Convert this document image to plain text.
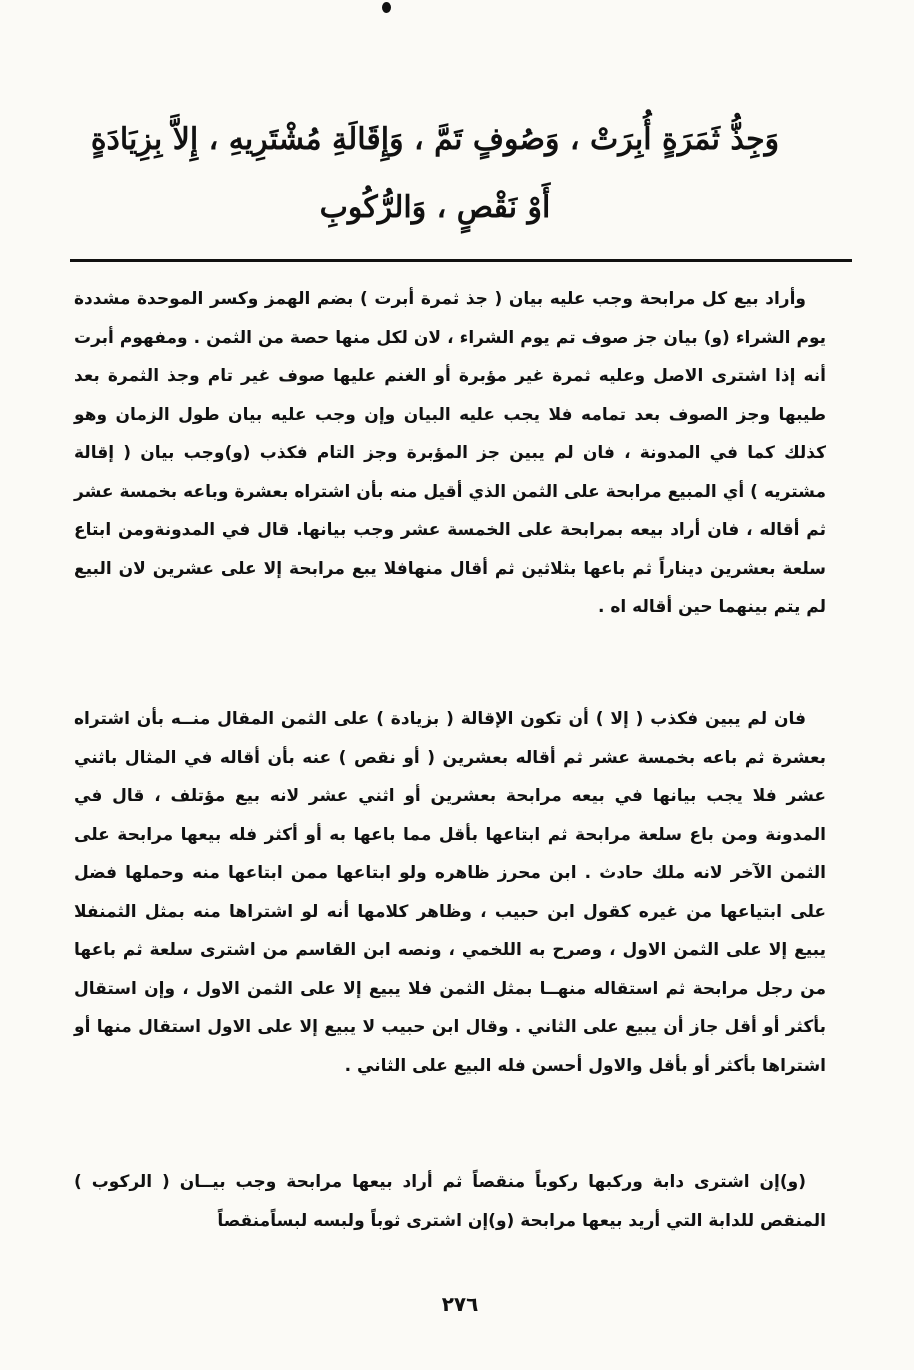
وَجِذُّ ثَمَرَةٍ أُبِرَتْ ، وَصُوفٍ تَمَّ ، وَإِقَالَةِ مُشْتَرِيهِ ، إِلاَّ بِزِيَادَةٍ
أَوْ نَقْصٍ ، وَالرُّكُوبِ

وأراد بيع كل مرابحة وجب عليه بيان ( جذ ثمرة أبرت ) بضم الهمز وكسر الموحدة مشددة يوم الشراء (و) بيان جز صوف تم يوم الشراء ، لان لكل منها حصة من الثمن . ومفهوم أبرت أنه إذا اشترى الاصل وعليه ثمرة غير مؤبرة أو الغنم عليها صوف غير تام وجذ الثمرة بعد طيبها وجز الصوف بعد تمامه فلا يجب عليه البيان وإن وجب عليه بيان طول الزمان وهو كذلك كما في المدونة ، فان لم يبين جز المؤبرة وجز التام فكذب (و)وجب بيان ( إقالة مشتريه ) أي المبيع مرابحة على الثمن الذي أقيل منه بأن اشتراه بعشرة وباعه بخمسة عشر ثم أقاله ، فان أراد بيعه بمرابحة على الخمسة عشر وجب بيانها. قال في المدونةومن ابتاع سلعة بعشرين ديناراً ثم باعها بثلاثين ثم أقال منهافلا يبع مرابحة إلا على عشرين لان البيع لم يتم بينهما حين أقاله اه .

فان لم يبين فكذب ( إلا ) أن تكون الإقالة ( بزيادة ) على الثمن المقال منــه بأن اشتراه بعشرة ثم باعه بخمسة عشر ثم أقاله بعشرين ( أو نقص ) عنه بأن أقاله في المثال باثني عشر فلا يجب بيانها في بيعه مرابحة بعشرين أو اثني عشر لانه بيع مؤتلف ، قال في المدونة ومن باع سلعة مرابحة ثم ابتاعها بأقل مما باعها به أو أكثر فله بيعها مرابحة على الثمن الآخر لانه ملك حادث . ابن محرز ظاهره ولو ابتاعها ممن ابتاعها منه وحملها فضل على ابتياعها من غيره كقول ابن حبيب ، وظاهر كلامها أنه لو اشتراها منه بمثل الثمنفلا يبيع إلا على الثمن الاول ، وصرح به اللخمي ، ونصه ابن القاسم من اشترى سلعة ثم باعها من رجل مرابحة ثم استقاله منهــا بمثل الثمن فلا يبيع إلا على الثمن الاول ، وإن استقال بأكثر أو أقل جاز أن يبيع على الثاني . وقال ابن حبيب لا يبيع إلا على الاول استقال منها أو اشتراها بأكثر أو بأقل والاول أحسن فله البيع على الثاني .

(و)إن اشترى دابة وركبها ركوباً منقصاً ثم أراد بيعها مرابحة وجب بيــان ( الركوب ) المنقص للدابة التي أريد بيعها مرابحة (و)إن اشترى ثوباً ولبسه لبساًمنقصاً

٢٧٦
